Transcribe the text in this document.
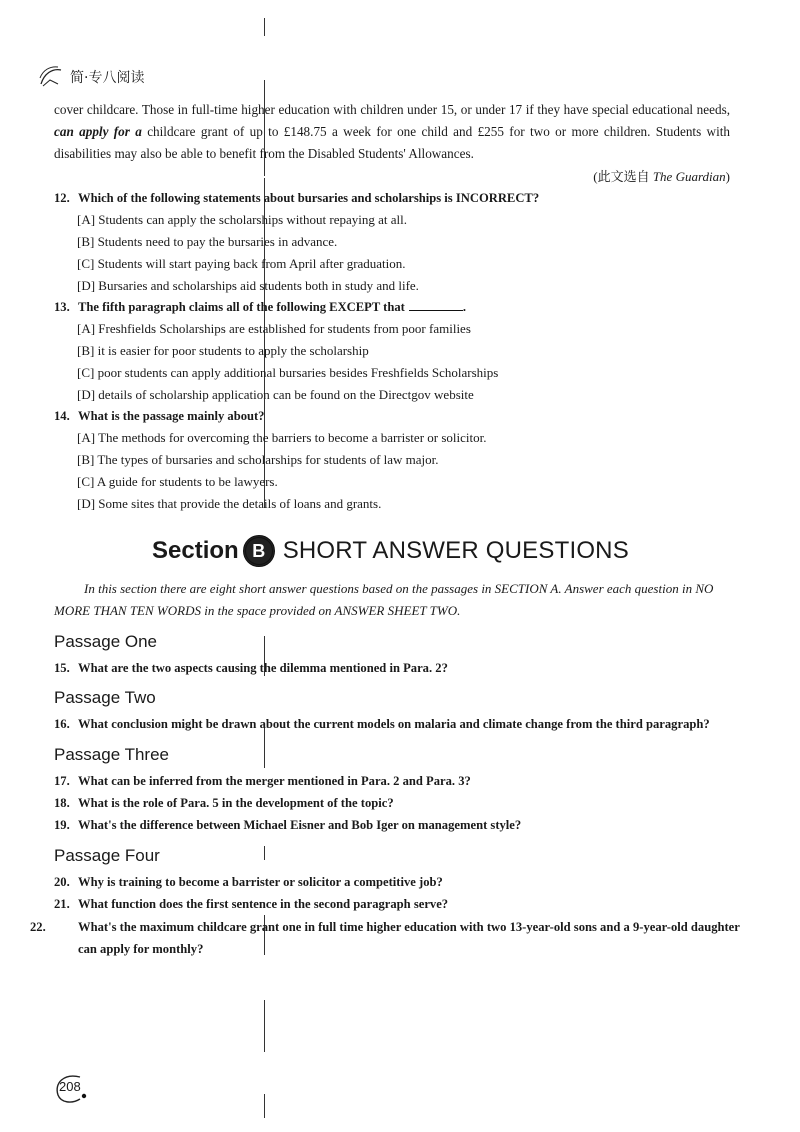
简·专八阅读
cover childcare. Those in full-time higher education with children under 15, or under 17 if they have special educational needs, can apply for a childcare grant of up to £148.75 a week for one child and £255 for two or more children. Students with disabilities may also be able to benefit from the Disabled Students' Allowances.
(此文选自 The Guardian)
12. Which of the following statements about bursaries and scholarships is INCORRECT?
[A] Students can apply the scholarships without repaying at all.
[B] Students need to pay the bursaries in advance.
[C] Students will start paying back from April after graduation.
[D] Bursaries and scholarships aid students both in study and life.
13. The fifth paragraph claims all of the following EXCEPT that	.
[A] Freshfields Scholarships are established for students from poor families
[B] it is easier for poor students to apply the scholarship
[C] poor students can apply additional bursaries besides Freshfields Scholarships
[D] details of scholarship application can be found on the Directgov website
14. What is the passage mainly about?
[A] The methods for overcoming the barriers to become a barrister or solicitor.
[B] The types of bursaries and scholarships for students of law major.
[C] A guide for students to be lawyers.
[D] Some sites that provide the details of loans and grants.
Section B SHORT ANSWER QUESTIONS
In this section there are eight short answer questions based on the passages in SECTION A. Answer each question in NO MORE THAN TEN WORDS in the space provided on ANSWER SHEET TWO.
Passage One
15. What are the two aspects causing the dilemma mentioned in Para. 2?
Passage Two
16. What conclusion might be drawn about the current models on malaria and climate change from the third paragraph?
Passage Three
17. What can be inferred from the merger mentioned in Para. 2 and Para. 3?
18. What is the role of Para. 5 in the development of the topic?
19. What's the difference between Michael Eisner and Bob Iger on management style?
Passage Four
20. Why is training to become a barrister or solicitor a competitive job?
21. What function does the first sentence in the second paragraph serve?
22.	What's the maximum childcare grant one in full time higher education with two 13-year-old sons and a 9-year-old daughter can apply for monthly?
208
